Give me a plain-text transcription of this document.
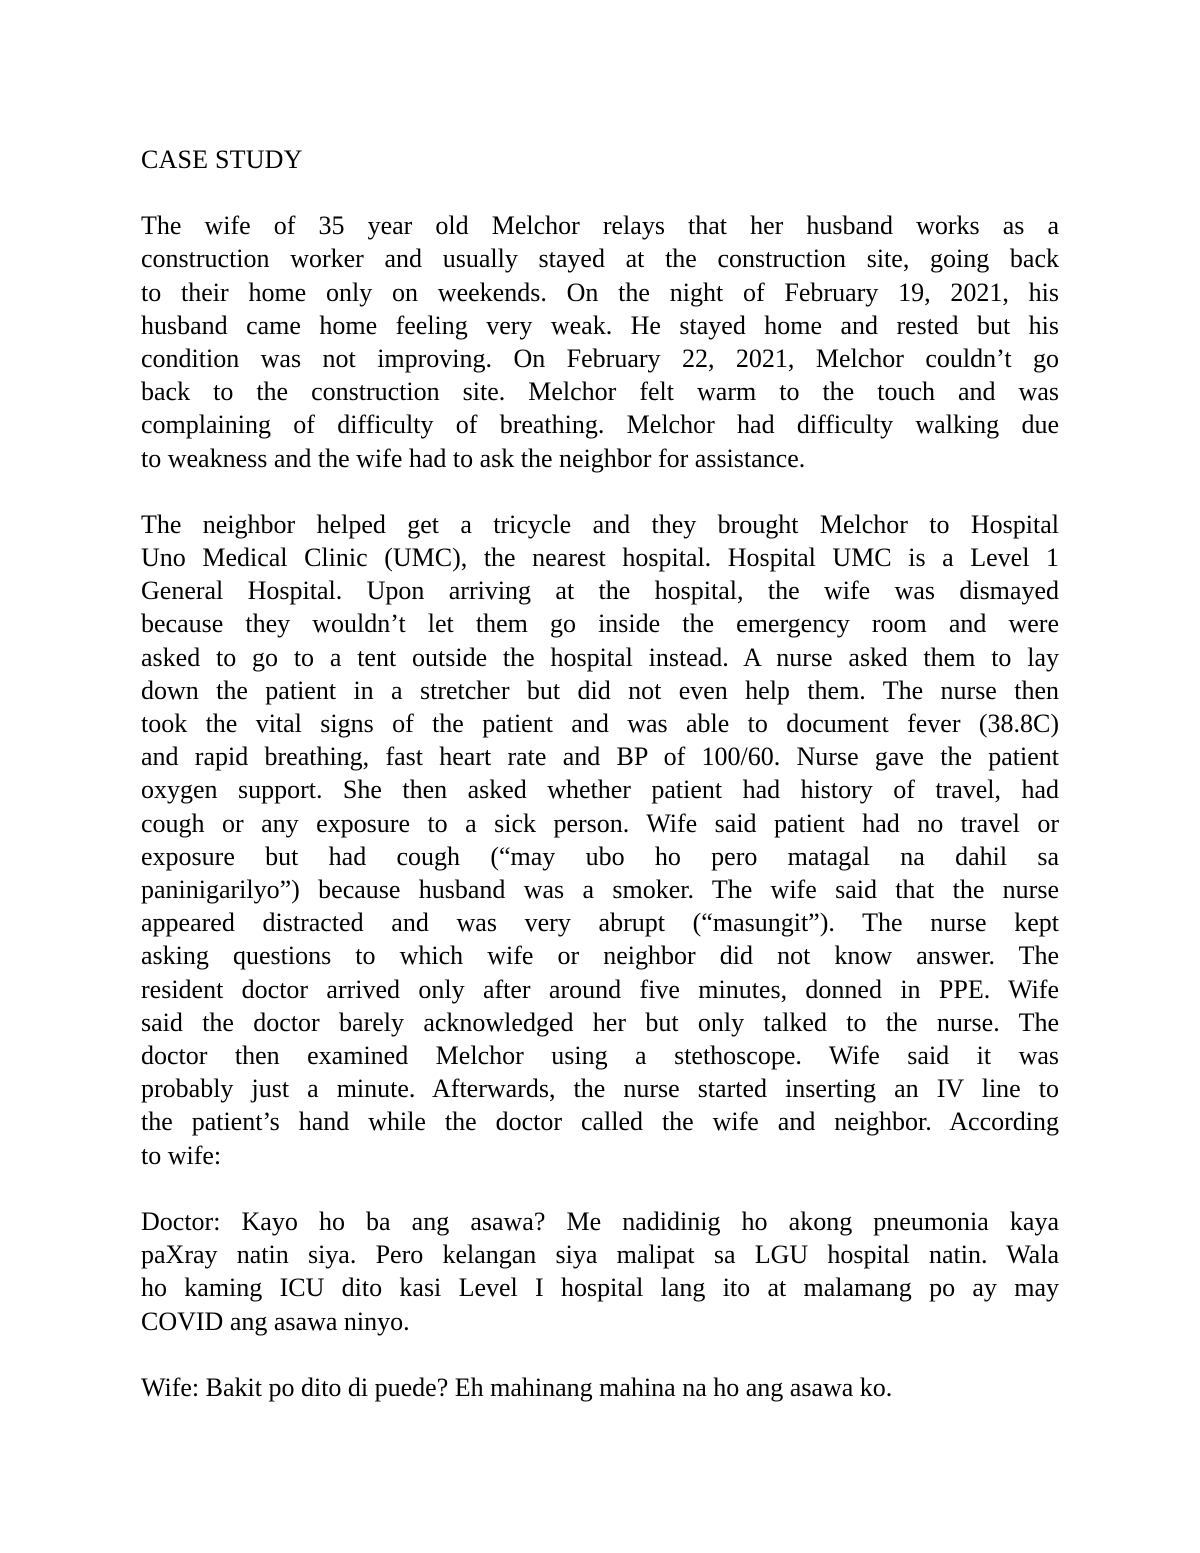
CASE STUDY
The wife of 35 year old Melchor relays that her husband works as a
construction worker and usually stayed at the construction site, going back
to their home only on weekends. On the night of February 19, 2021, his
husband came home feeling very weak. He stayed home and rested but his
condition was not improving. On February 22, 2021, Melchor couldn’t go
back to the construction site. Melchor felt warm to the touch and was
complaining of difficulty of breathing. Melchor had difficulty walking due
to weakness and the wife had to ask the neighbor for assistance.
The neighbor helped get a tricycle and they brought Melchor to Hospital
Uno Medical Clinic (UMC), the nearest hospital. Hospital UMC is a Level 1
General Hospital. Upon arriving at the hospital, the wife was dismayed
because they wouldn’t let them go inside the emergency room and were
asked to go to a tent outside the hospital instead. A nurse asked them to lay
down the patient in a stretcher but did not even help them. The nurse then
took the vital signs of the patient and was able to document fever (38.8C)
and rapid breathing, fast heart rate and BP of 100/60. Nurse gave the patient
oxygen support. She then asked whether patient had history of travel, had
cough or any exposure to a sick person. Wife said patient had no travel or
exposure but had cough (“may ubo ho pero matagal na dahil sa
paninigarilyo”) because husband was a smoker. The wife said that the nurse
appeared distracted and was very abrupt (“masungit”). The nurse kept
asking questions to which wife or neighbor did not know answer. The
resident doctor arrived only after around five minutes, donned in PPE. Wife
said the doctor barely acknowledged her but only talked to the nurse. The
doctor then examined Melchor using a stethoscope. Wife said it was
probably just a minute. Afterwards, the nurse started inserting an IV line to
the patient’s hand while the doctor called the wife and neighbor. According
to wife:
Doctor: Kayo ho ba ang asawa? Me nadidinig ho akong pneumonia kaya
paXray natin siya. Pero kelangan siya malipat sa LGU hospital natin. Wala
ho kaming ICU dito kasi Level I hospital lang ito at malamang po ay may
COVID ang asawa ninyo.
Wife: Bakit po dito di puede? Eh mahinang mahina na ho ang asawa ko.
